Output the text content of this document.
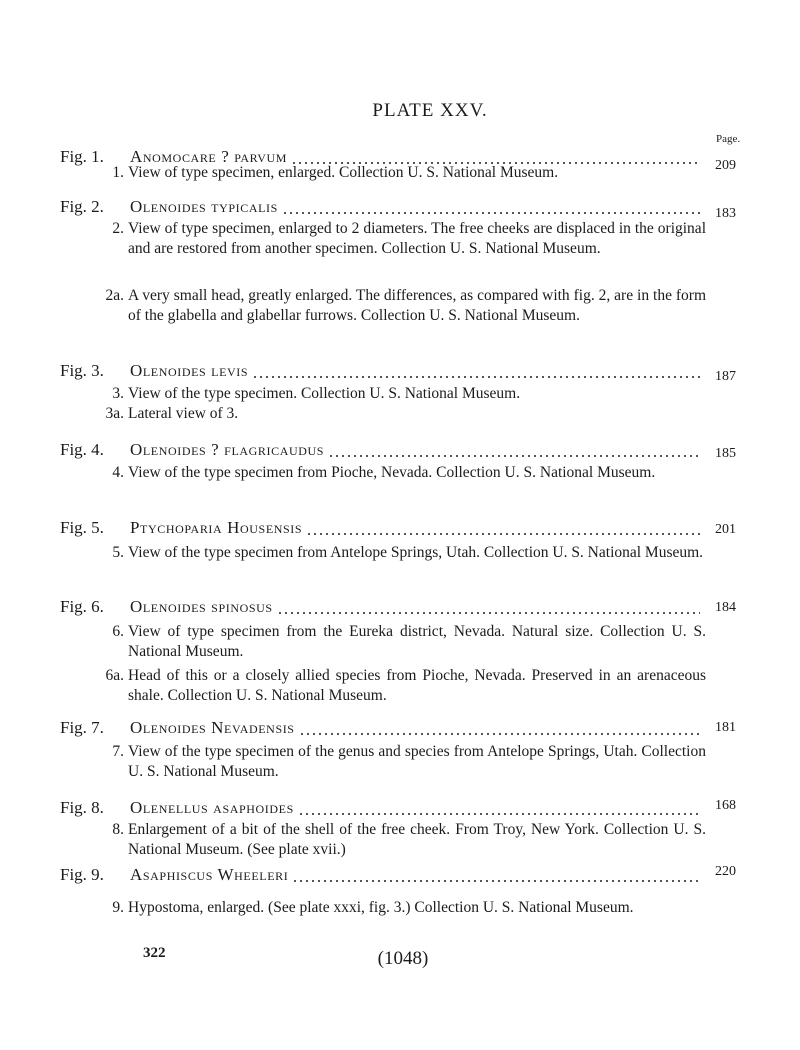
PLATE XXV.
Page.
Fig. 1.	Anomocare ? parvum	209
1. View of type specimen, enlarged. Collection U. S. National Museum.
Fig. 2.	Olenoides typicalis	183
2. View of type specimen, enlarged to 2 diameters. The free cheeks are displaced in the original and are restored from another specimen. Collection U. S. National Museum.
2a. A very small head, greatly enlarged. The differences, as compared with fig. 2, are in the form of the glabella and glabellar furrows. Collection U. S. National Museum.
Fig. 3.	Olenoides levis	187
3. View of the type specimen. Collection U. S. National Museum.
3a. Lateral view of 3.
Fig. 4.	Olenoides ? flagricaudus	185
4. View of the type specimen from Pioche, Nevada. Collection U. S. National Museum.
Fig. 5.	Ptychoparia Housensis	201
5. View of the type specimen from Antelope Springs, Utah. Collection U. S. National Museum.
Fig. 6.	Olenoides spinosus	184
6. View of type specimen from the Eureka district, Nevada. Natural size. Collection U. S. National Museum.
6a. Head of this or a closely allied species from Pioche, Nevada. Preserved in an arenaceous shale. Collection U. S. National Museum.
Fig. 7.	Olenoides Nevadensis	181
7. View of the type specimen of the genus and species from Antelope Springs, Utah. Collection U. S. National Museum.
Fig. 8.	Olenellus asaphoides	168
8. Enlargement of a bit of the shell of the free cheek. From Troy, New York. Collection U. S. National Museum. (See plate xvii.)
Fig. 9.	Asaphiscus Wheeleri	220
9. Hypostoma, enlarged. (See plate xxxi, fig. 3.) Collection U. S. National Museum.
322	(1048)
